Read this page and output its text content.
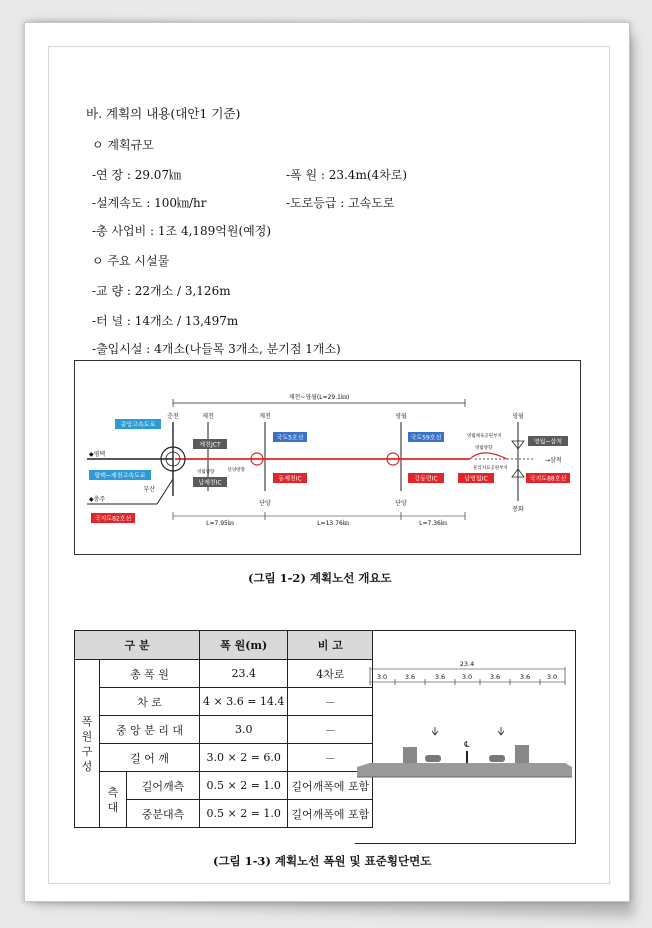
바. 계획의 내용(대안1 기준)
ㅇ 계획규모
-연 장 : 29.07㎞	-폭 원 : 23.4m(4차로)
-설계속도 : 100㎞/hr	-도로등급 : 고속도로
-총 사업비 : 1조 4,189억원(예정)
ㅇ 주요 시설물
-교 량 : 22개소 / 3,126m
-터 널 : 14개소 / 13,497m
-출입시설 : 4개소(나들목 3개소, 분기점 1개소)
제천~영월(L=29.1㎞)
춘천	제천	제천	영월	영월
중앙고속도로
평택~제천고속도로
◆평택
◆충주
부산
국지도82호선
제천JCT
남제천IC
영월방향
국도5호선
동제천IC
단양
단양방향
국도59호선
강동면IC
단양
남영월IC
영월체육공원부지
영월방향
물리치료공원부지
영월~삼척
→삼척
국지도88호선
봉화
L=7.95㎞	L=13.76㎞	L=7.36㎞
(그림 1-2) 계획노선 개요도
구 분			폭 원(m)	비 고
폭원구성	총 폭 원		23.4	4차로
	차 로		4 × 3.6 = 14.4	－
	중 앙 분 리 대		3.0	－
	길 어 깨		3.0 × 2 = 6.0	－
	측 대	길어깨측	0.5 × 2 = 1.0	길어깨폭에 포함
		중분대측	0.5 × 2 = 1.0	길어깨폭에 포함
23.4
3.0	3.6	3.6	3.0	3.6	3.6	3.0
℄
(그림 1-3) 계획노선 폭원 및 표준횡단면도
